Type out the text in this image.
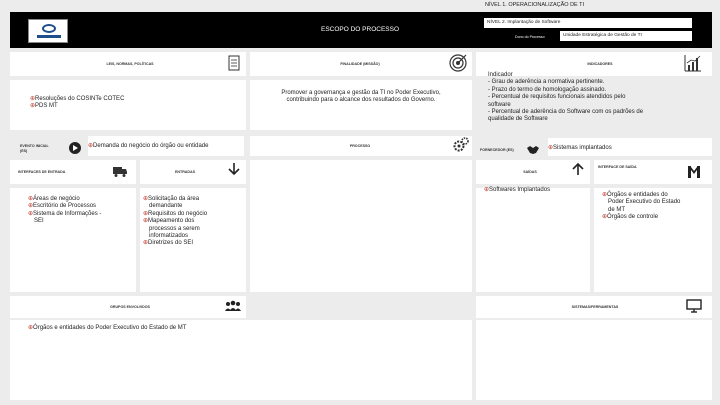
NÍVEL 1. OPERACIONALIZAÇÃO DE TI
ESCOPO DO PROCESSO
NÍVEL 2. Implantação de Software
Dono do Processo	Unidade Estratégica de Gestão de TI
LEIS, NORMAS, POLÍTICAS
⊕Resoluções do COSINTe COTEC
⊕PDS MT
FINALIDADE (MISSÃO)
Promover a governança e gestão da TI no Poder Executivo,
contribuindo para o alcance dos resultados do Governo.
INDICADORES
Indicador
- Grau de aderência a normativa pertinente.
- Prazo do termo de homologação assinado.
- Percentual de requisitos funcionais atendidos pelo
software
- Percentual de aderência do Software com os padrões de
qualidade de Software
EVENTO INICIAL (ES)
⊕Demanda do negócio do órgão ou entidade	PROCESSO
FORNECEDOR (ES)	⊕Sistemas implantados
INTERFACES DE ENTRADA	ENTRADAS
⊕Áreas de negócio
⊕Escritório de Processos
⊕Sistema de Informações -
SEI
⊕Solicitação da área
demandante
⊕Requisitos do negócio
⊕Mapeamento dos
processos a serem
informatizados
⊕Diretrizes do SEI
SAÍDAS
INTERFACE DE SAÍDA
⊕Softwares Implantados
⊕Órgãos e entidades do
Poder Executivo do Estado
de MT
⊕Órgãos de controle
GRUPOS ENVOLVIDOS
⊕Órgãos e entidades do Poder Executivo do Estado de MT
SISTEMAS/FERRAMENTAS
